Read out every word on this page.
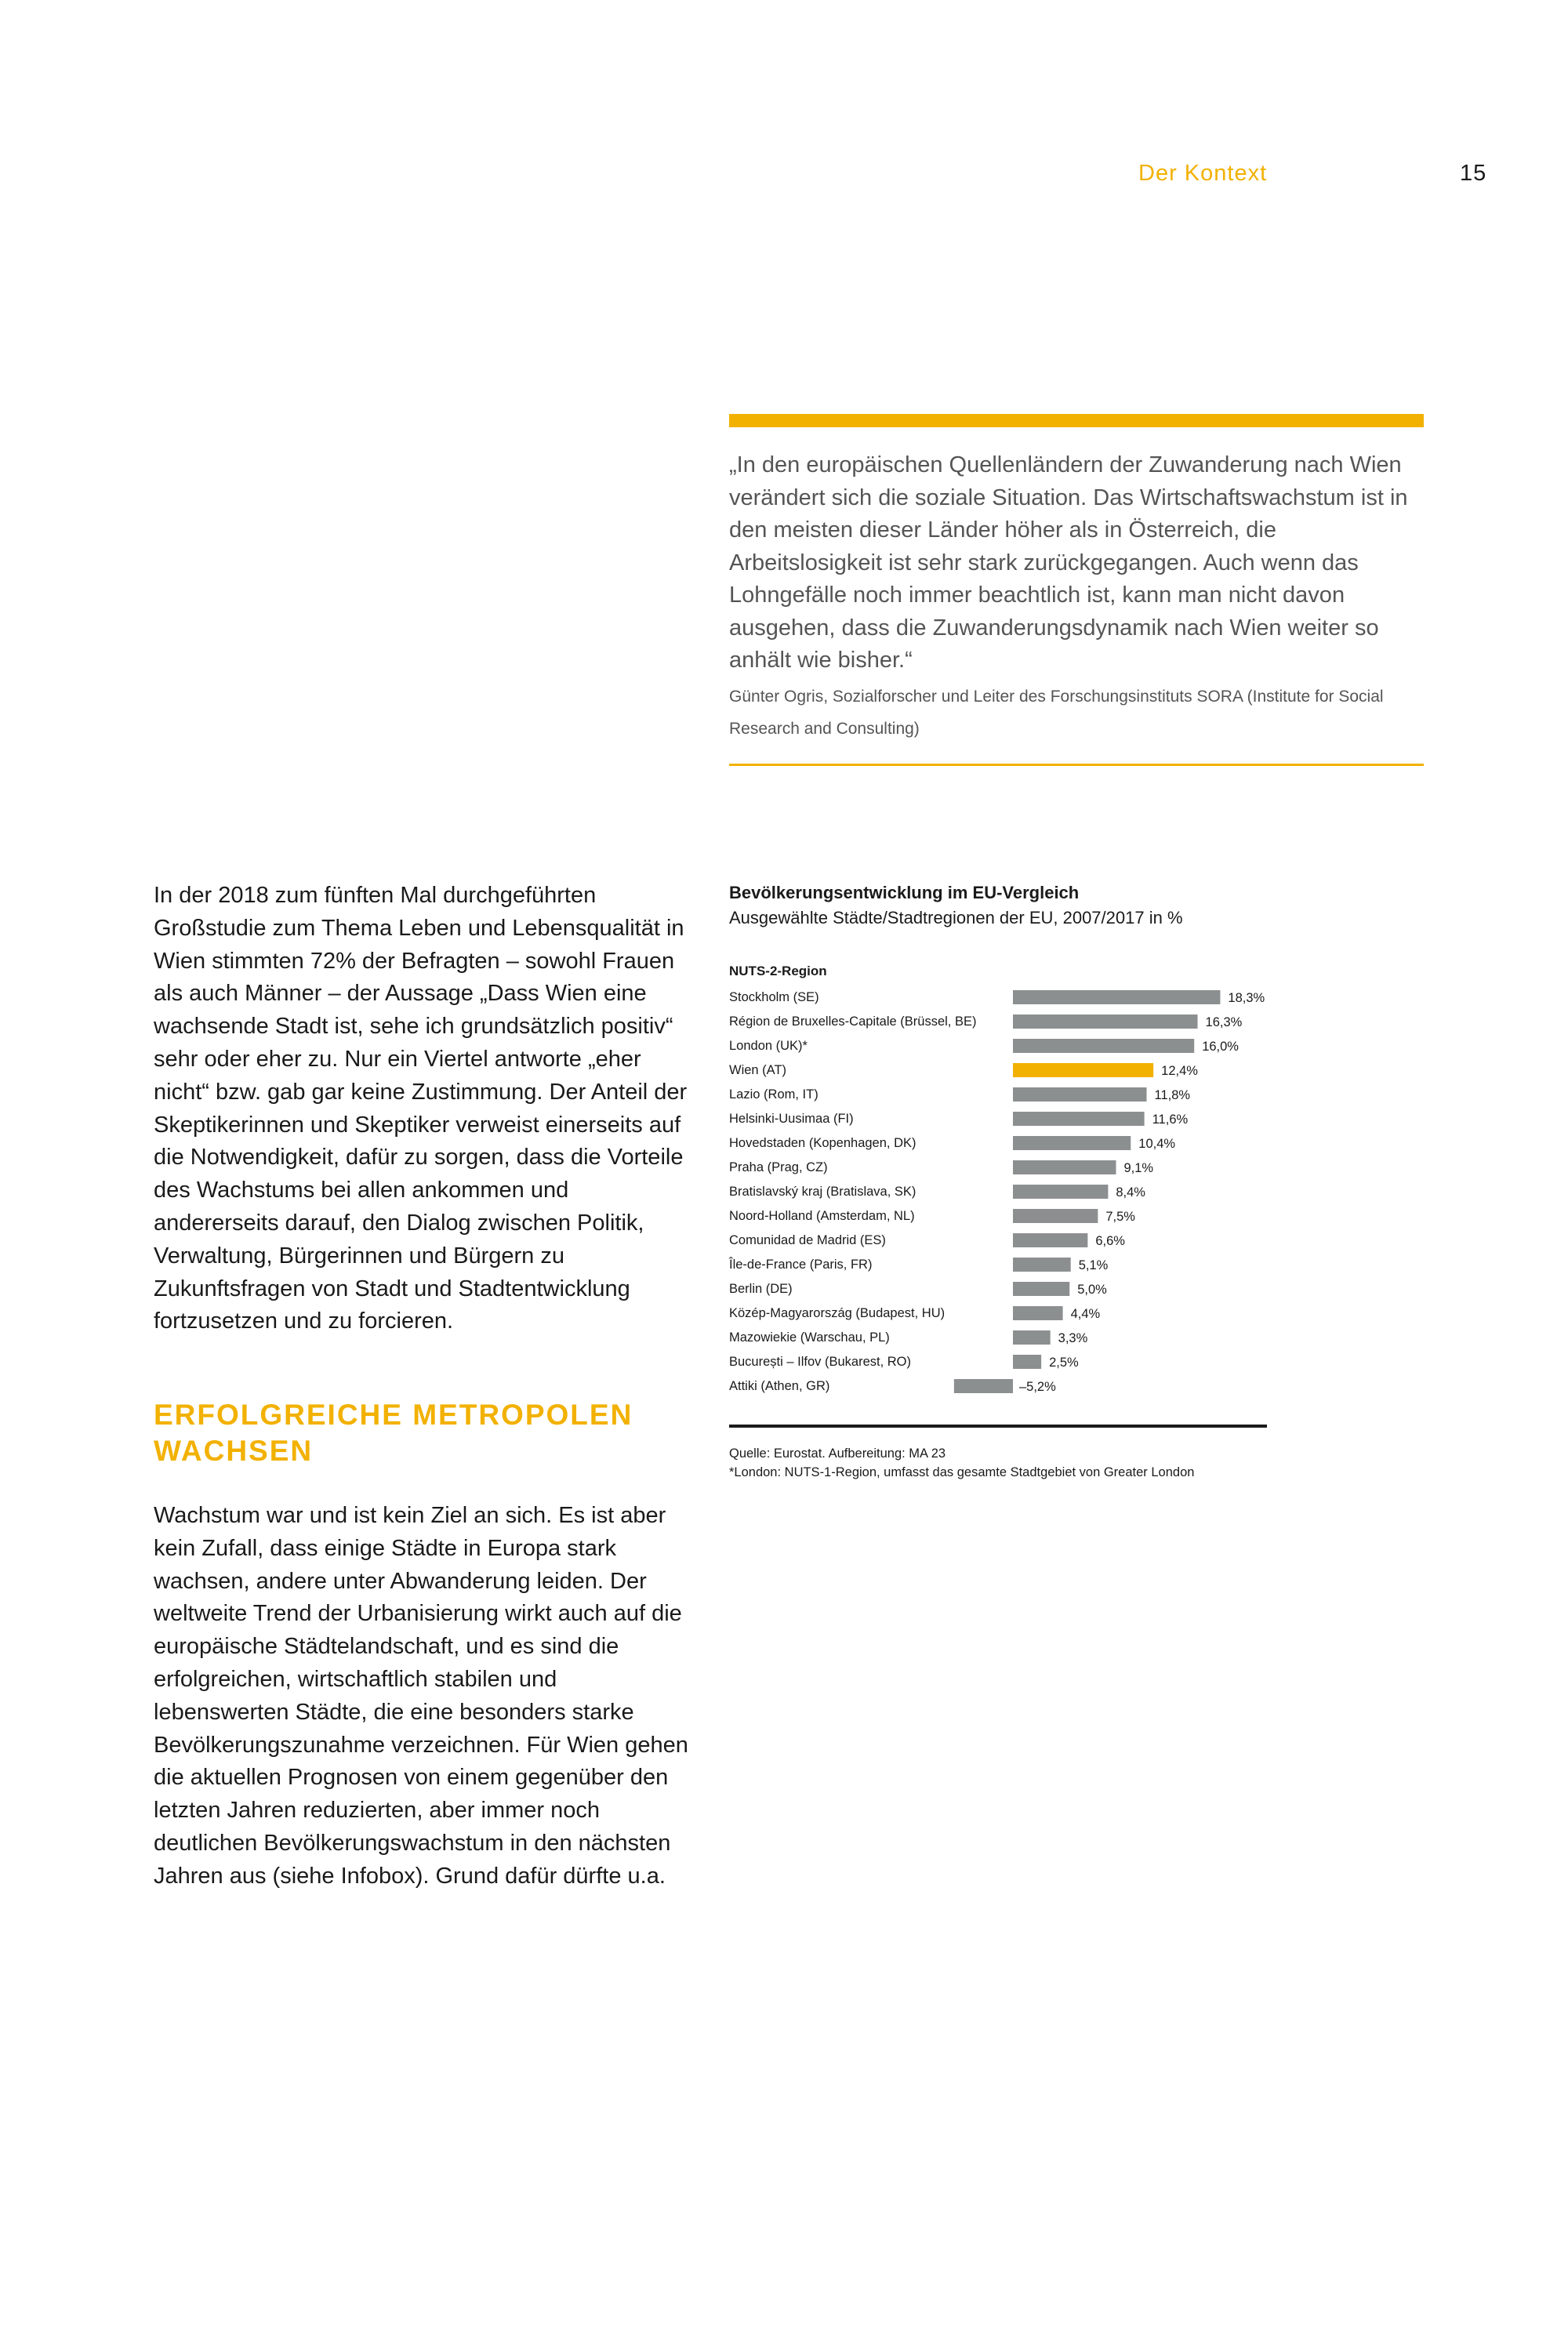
Der Kontext	15

„In den europäischen Quellenländern der Zuwanderung nach Wien verändert sich die soziale Situation. Das Wirtschaftswachstum ist in den meisten dieser Länder höher als in Österreich, die Arbeitslosigkeit ist sehr stark zurückgegangen. Auch wenn das Lohngefälle noch immer beachtlich ist, kann man nicht davon ausgehen, dass die Zuwanderungsdynamik nach Wien weiter so anhält wie bisher.“

Günter Ogris, Sozialforscher und Leiter des Forschungsinstituts SORA (Institute for Social Research and Consulting)

In der 2018 zum fünften Mal durchgeführten Großstudie zum Thema Leben und Lebensqualität in Wien stimmten 72% der Befragten – sowohl Frauen als auch Männer – der Aussage „Dass Wien eine wachsende Stadt ist, sehe ich grundsätzlich positiv“ sehr oder eher zu. Nur ein Viertel antworte „eher nicht“ bzw. gab gar keine Zustimmung. Der Anteil der Skeptikerinnen und Skeptiker verweist einerseits auf die Notwendigkeit, dafür zu sorgen, dass die Vorteile des Wachstums bei allen ankommen und andererseits darauf, den Dialog zwischen Politik, Verwaltung, Bürgerinnen und Bürgern zu Zukunftsfragen von Stadt und Stadtentwicklung fortzusetzen und zu forcieren.

ERFOLGREICHE METROPOLEN WACHSEN

Wachstum war und ist kein Ziel an sich. Es ist aber kein Zufall, dass einige Städte in Europa stark wachsen, andere unter Abwanderung leiden. Der weltweite Trend der Urbanisierung wirkt auch auf die europäische Städtelandschaft, und es sind die erfolgreichen, wirtschaftlich stabilen und lebenswerten Städte, die eine besonders starke Bevölkerungszunahme verzeichnen. Für Wien gehen die aktuellen Prognosen von einem gegenüber den letzten Jahren reduzierten, aber immer noch deutlichen Bevölkerungswachstum in den nächsten Jahren aus (siehe Infobox). Grund dafür dürfte u.a.

Bevölkerungsentwicklung im EU-Vergleich

Ausgewählte Städte/Stadtregionen der EU, 2007/2017 in %

NUTS-2-Region
Stockholm (SE)	18,3%
Région de Bruxelles-Capitale (Brüssel, BE)	16,3%
London (UK)*	16,0%
Wien (AT)	12,4%
Lazio (Rom, IT)	11,8%
Helsinki-Uusimaa (FI)	11,6%
Hovedstaden (Kopenhagen, DK)	10,4%
Praha (Prag, CZ)	9,1%
Bratislavský kraj (Bratislava, SK)	8,4%
Noord-Holland (Amsterdam, NL)	7,5%
Comunidad de Madrid (ES)	6,6%
Île-de-France (Paris, FR)	5,1%
Berlin (DE)	5,0%
Közép-Magyarország (Budapest, HU)	4,4%
Mazowiekie (Warschau, PL)	3,3%
București – Ilfov (Bukarest, RO)	2,5%
Attiki (Athen, GR)	–5,2%
Quelle: Eurostat. Aufbereitung: MA 23
*London: NUTS-1-Region, umfasst das gesamte Stadtgebiet von Greater London
